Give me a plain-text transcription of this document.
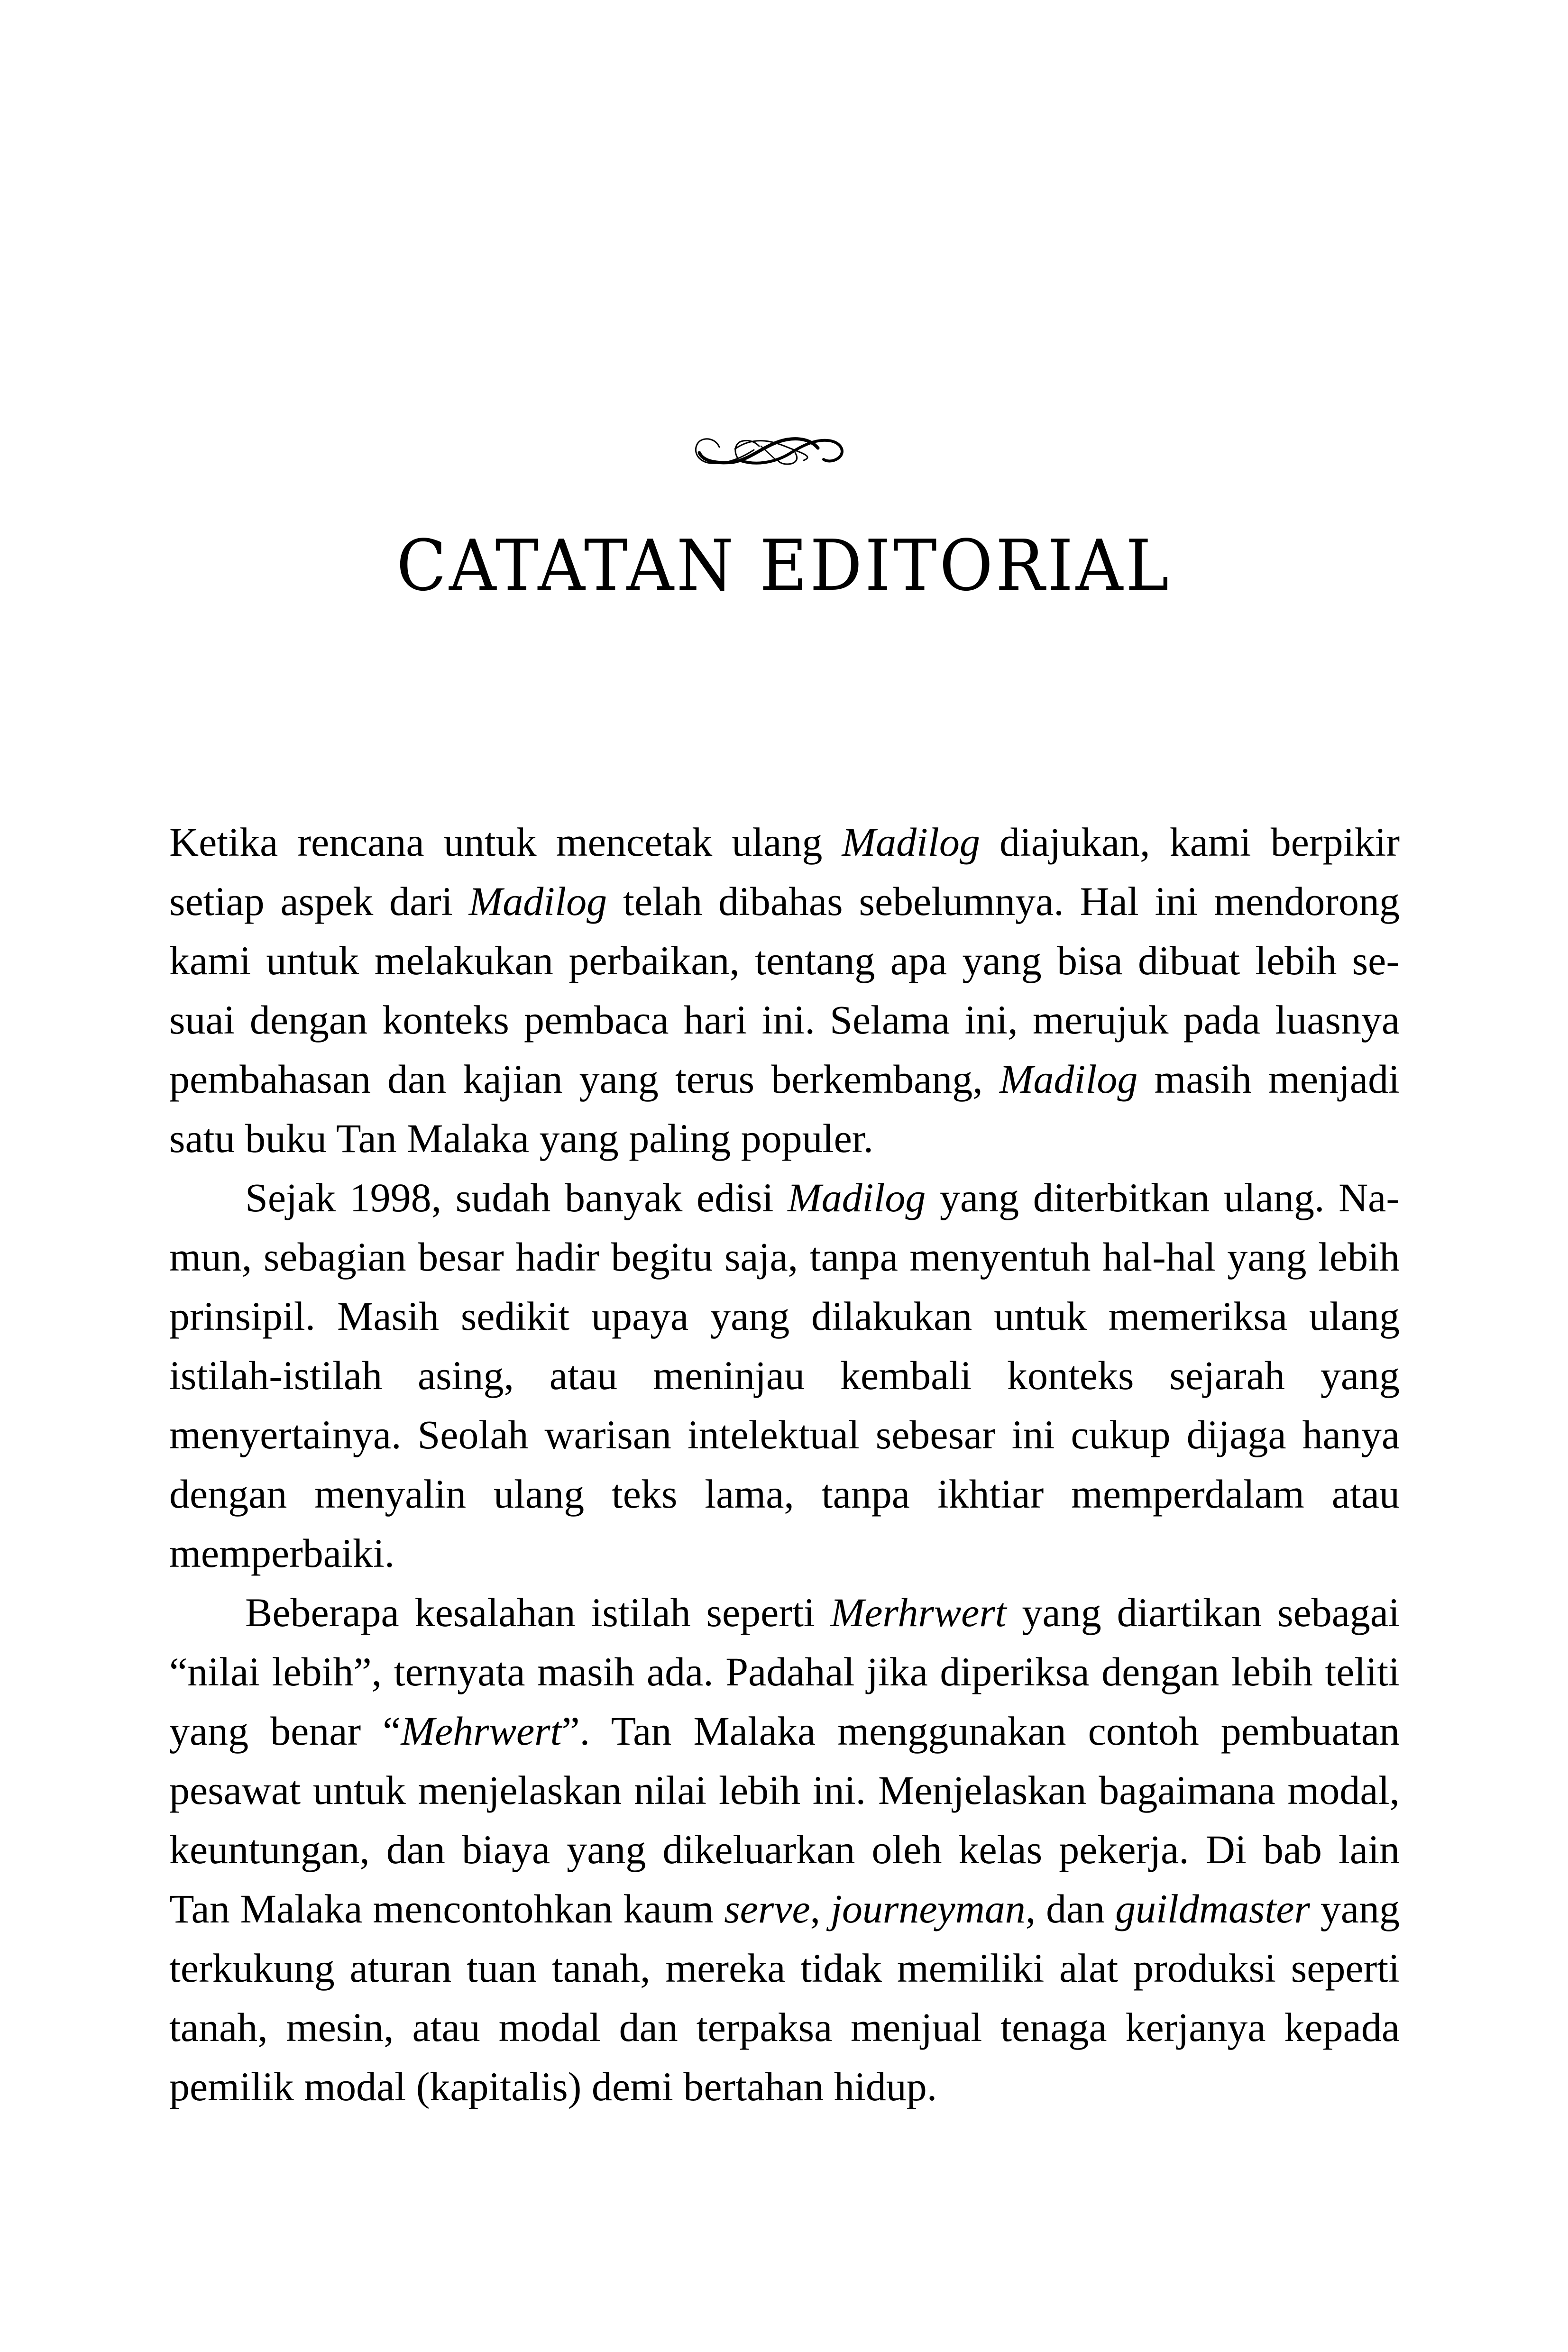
CATATAN EDITORIAL

Ketika rencana untuk mencetak ulang Madilog diajukan, kami berpikir setiap aspek dari Madilog telah dibahas sebelumnya. Hal ini mendorong kami untuk melakukan perbaikan, tentang apa yang bisa dibuat lebih sesuai dengan konteks pembaca hari ini. Selama ini, merujuk pada luasnya pembahasan dan kajian yang terus berkembang, Madilog masih menjadi satu buku Tan Malaka yang paling populer.

Sejak 1998, sudah banyak edisi Madilog yang diterbitkan ulang. Namun, sebagian besar hadir begitu saja, tanpa menyentuh hal-hal yang lebih prinsipil. Masih sedikit upaya yang dilakukan untuk memeriksa ulang istilah-istilah asing, atau meninjau kembali konteks sejarah yang menyertainya. Seolah warisan intelektual sebesar ini cukup dijaga hanya dengan menyalin ulang teks lama, tanpa ikhtiar memperdalam atau memperbaiki.

Beberapa kesalahan istilah seperti Merhrwert yang diartikan sebagai “nilai lebih”, ternyata masih ada. Padahal jika diperiksa dengan lebih teliti yang benar “Mehrwert”. Tan Malaka menggunakan contoh pembuatan pesawat untuk menjelaskan nilai lebih ini. Menjelaskan bagaimana modal, keuntungan, dan biaya yang dikeluarkan oleh kelas pekerja. Di bab lain Tan Malaka mencontohkan kaum serve, journeyman, dan guildmaster yang terkukung aturan tuan tanah, mereka tidak memiliki alat produksi seperti tanah, mesin, atau modal dan terpaksa menjual tenaga kerjanya kepada pemilik modal (kapitalis) demi bertahan hidup.
